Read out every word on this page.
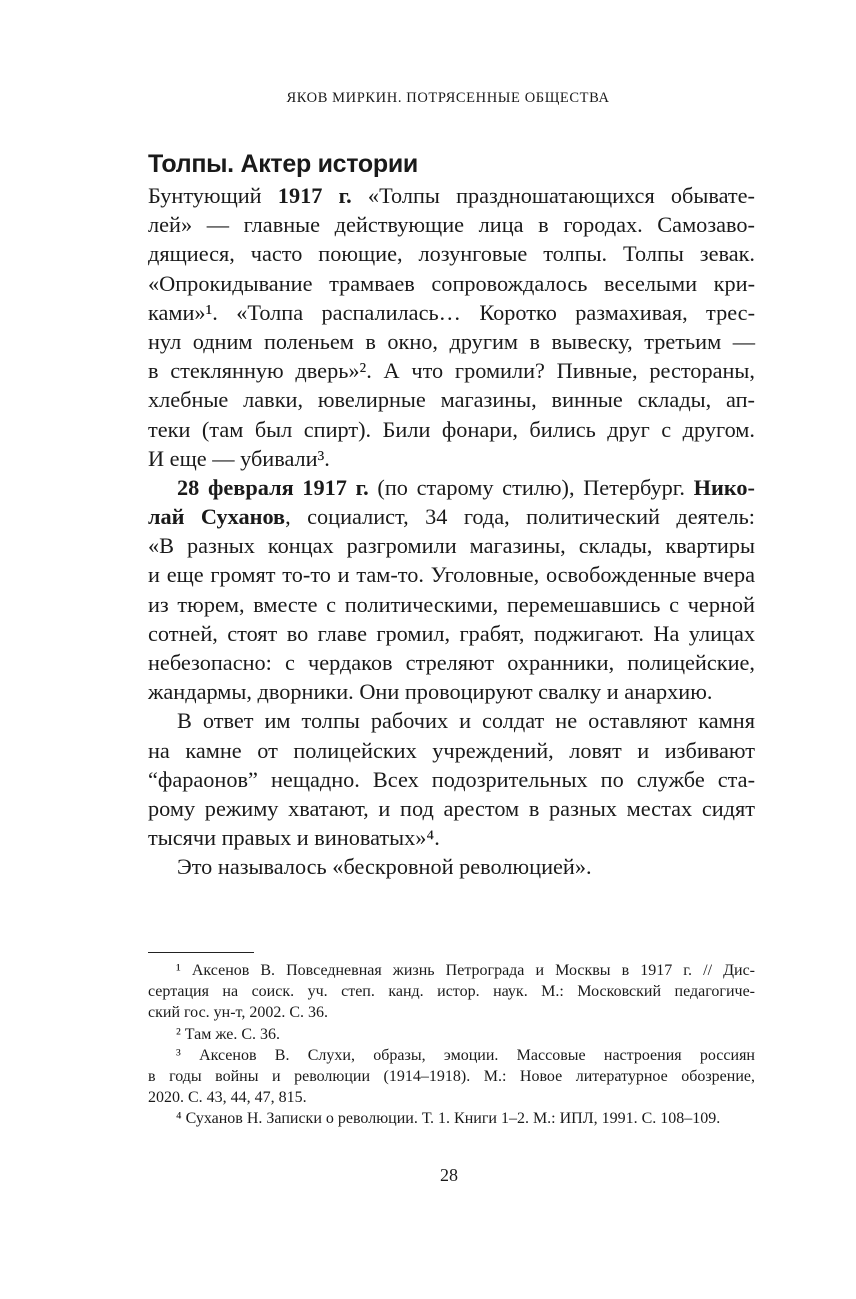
ЯКОВ МИРКИН. ПОТРЯСЕННЫЕ ОБЩЕСТВА
Толпы. Актер истории
Бунтующий 1917 г. «Толпы праздношатающихся обывате-
лей» — главные действующие лица в городах. Самозаво-
дящиеся, часто поющие, лозунговые толпы. Толпы зевак.
«Опрокидывание трамваев сопровождалось веселыми кри-
ками»¹. «Толпа распалилась… Коротко размахивая, трес-
нул одним поленьем в окно, другим в вывеску, третьим —
в стеклянную дверь»². А что громили? Пивные, рестораны,
хлебные лавки, ювелирные магазины, винные склады, ап-
теки (там был спирт). Били фонари, бились друг с другом.
И еще — убивали³.
28 февраля 1917 г. (по старому стилю), Петербург. Нико-
лай Суханов, социалист, 34 года, политический деятель:
«В разных концах разгромили магазины, склады, квартиры
и еще громят то-то и там-то. Уголовные, освобожденные вчера
из тюрем, вместе с политическими, перемешавшись с черной
сотней, стоят во главе громил, грабят, поджигают. На улицах
небезопасно: с чердаков стреляют охранники, полицейские,
жандармы, дворники. Они провоцируют свалку и анархию.
В ответ им толпы рабочих и солдат не оставляют камня
на камне от полицейских учреждений, ловят и избивают
“фараонов” нещадно. Всех подозрительных по службе ста-
рому режиму хватают, и под арестом в разных местах сидят
тысячи правых и виноватых»⁴.
Это называлось «бескровной революцией».
¹ Аксенов В. Повседневная жизнь Петрограда и Москвы в 1917 г. // Дис-
сертация на соиск. уч. степ. канд. истор. наук. М.: Московский педагогиче-
ский гос. ун-т, 2002. С. 36.
² Там же. С. 36.
³ Аксенов В. Слухи, образы, эмоции. Массовые настроения россиян
в годы войны и революции (1914–1918). М.: Новое литературное обозрение,
2020. С. 43, 44, 47, 815.
⁴ Суханов Н. Записки о революции. Т. 1. Книги 1–2. М.: ИПЛ, 1991. С. 108–109.
28
